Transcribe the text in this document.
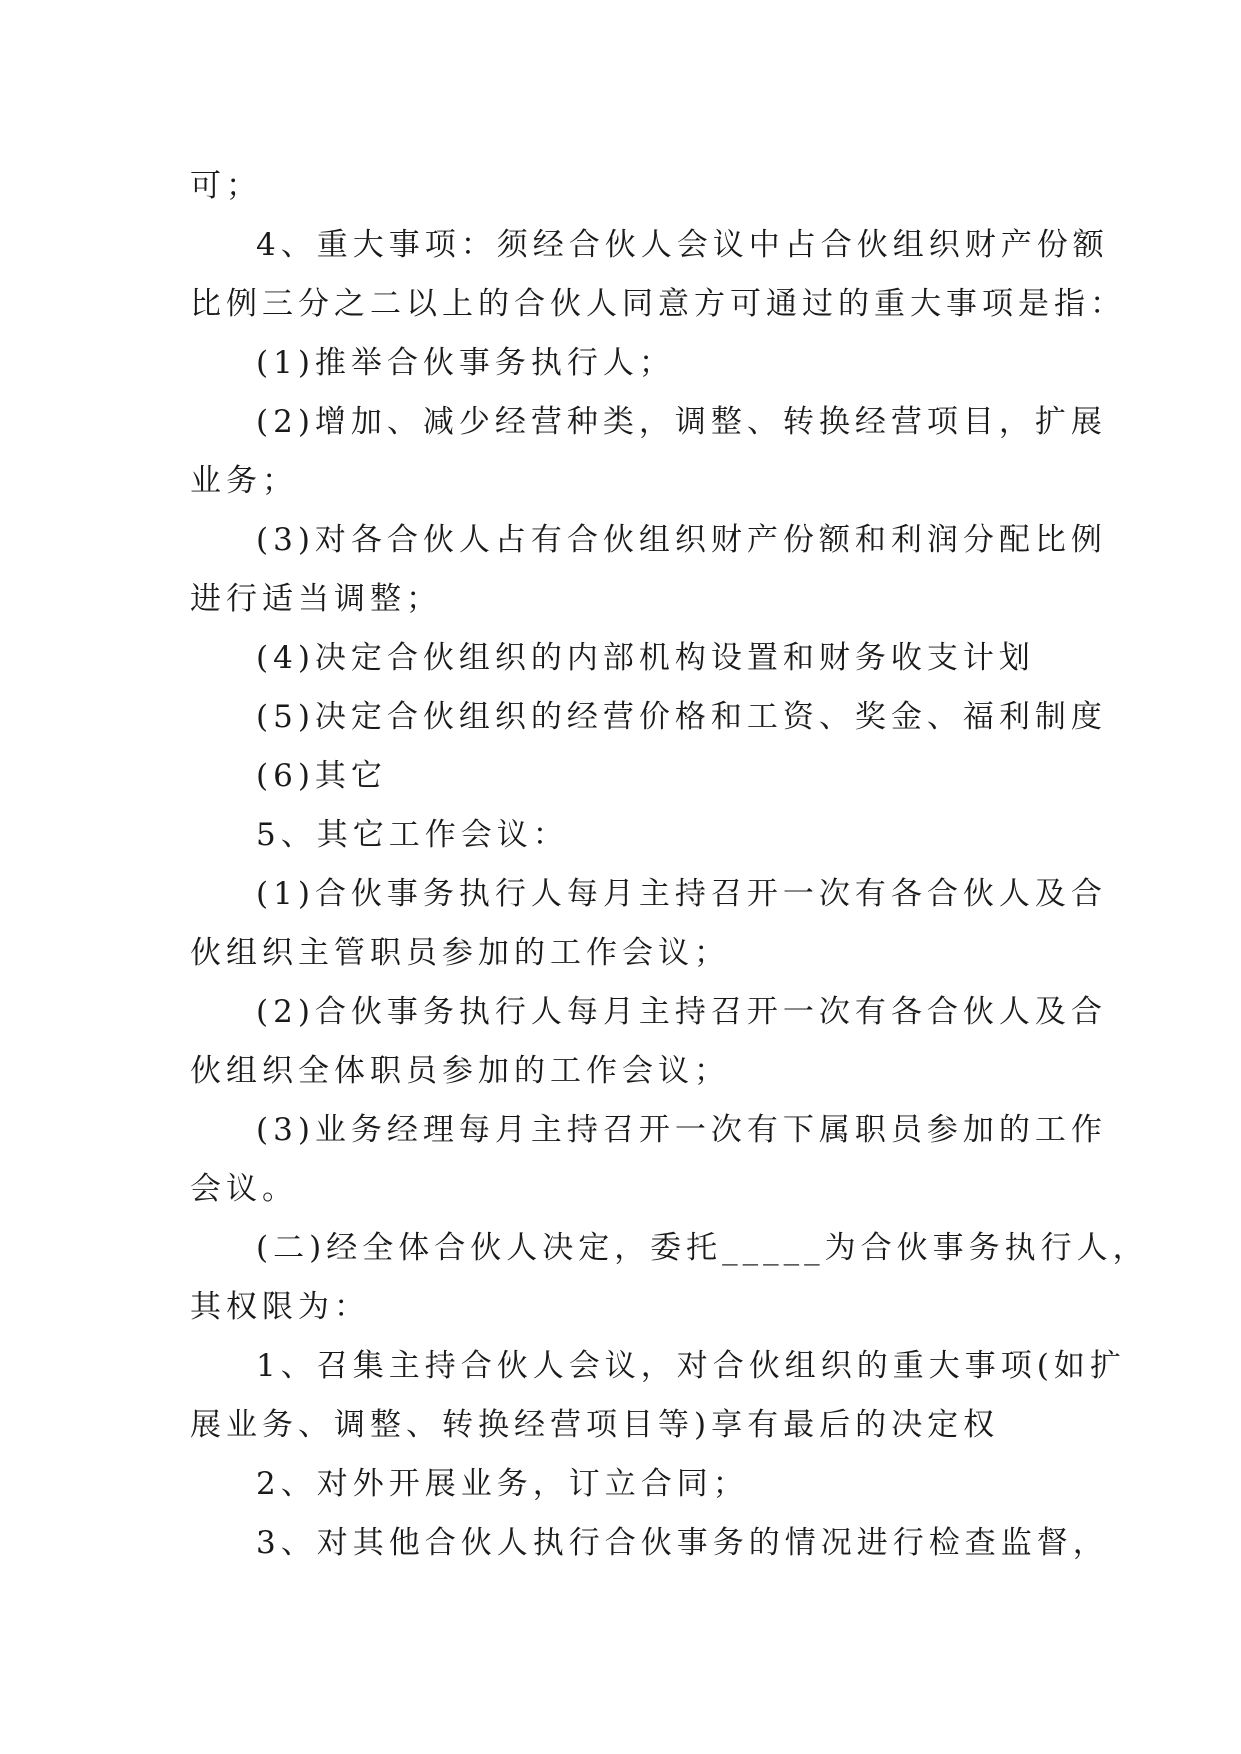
可；
4、重大事项：须经合伙人会议中占合伙组织财产份额
比例三分之二以上的合伙人同意方可通过的重大事项是指：
(1)推举合伙事务执行人；
(2)增加、减少经营种类，调整、转换经营项目，扩展
业务；
(3)对各合伙人占有合伙组织财产份额和利润分配比例
进行适当调整；
(4)决定合伙组织的内部机构设置和财务收支计划
(5)决定合伙组织的经营价格和工资、奖金、福利制度
(6)其它
5、其它工作会议：
(1)合伙事务执行人每月主持召开一次有各合伙人及合
伙组织主管职员参加的工作会议；
(2)合伙事务执行人每月主持召开一次有各合伙人及合
伙组织全体职员参加的工作会议；
(3)业务经理每月主持召开一次有下属职员参加的工作
会议。
(二)经全体合伙人决定，委托_____为合伙事务执行人，
其权限为：
1、召集主持合伙人会议，对合伙组织的重大事项(如扩
展业务、调整、转换经营项目等)享有最后的决定权
2、对外开展业务，订立合同；
3、对其他合伙人执行合伙事务的情况进行检查监督，
